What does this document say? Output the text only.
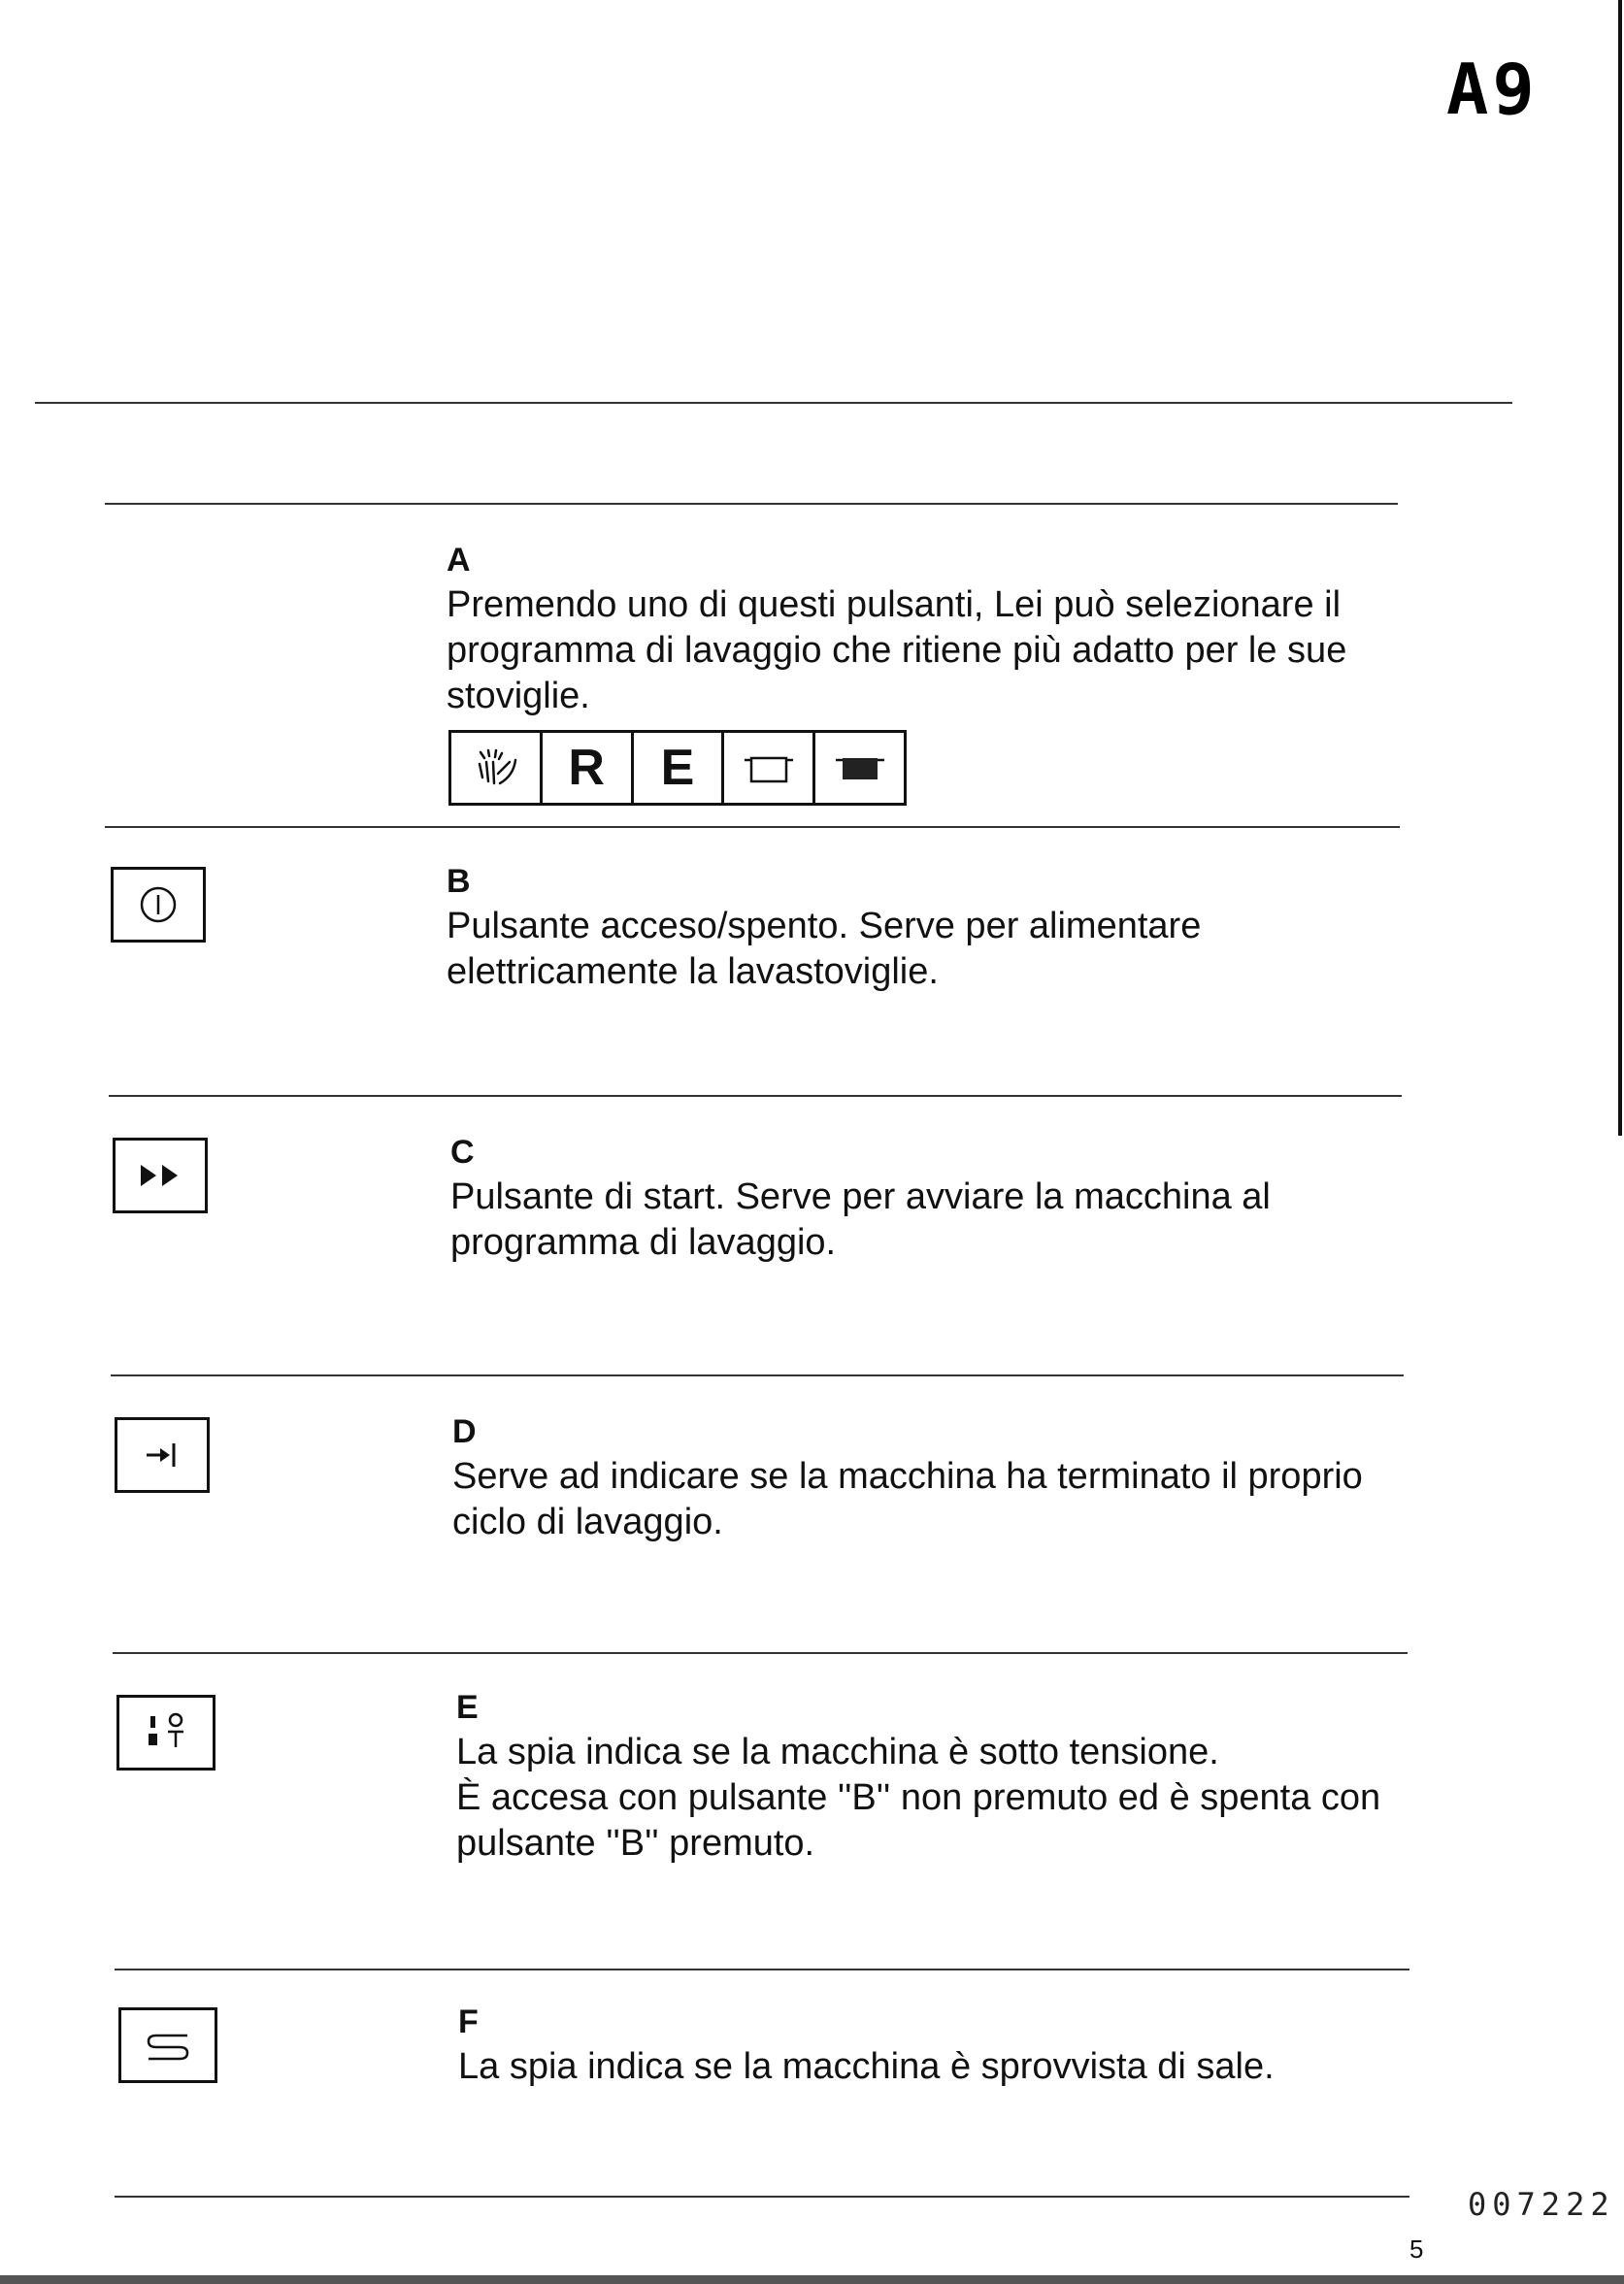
A9
A
Premendo uno di questi pulsanti, Lei può selezionare il programma di lavaggio che ritiene più adatto per le sue stoviglie.
R E
B
Pulsante acceso/spento. Serve per alimentare elettricamente la lavastoviglie.
C
Pulsante di start. Serve per avviare la macchina al programma di lavaggio.
D
Serve ad indicare se la macchina ha terminato il proprio ciclo di lavaggio.
E
La spia indica se la macchina è sotto tensione.
È accesa con pulsante ''B'' non premuto ed è spenta con pulsante ''B'' premuto.
F
La spia indica se la macchina è sprovvista di sale.
5
007222
